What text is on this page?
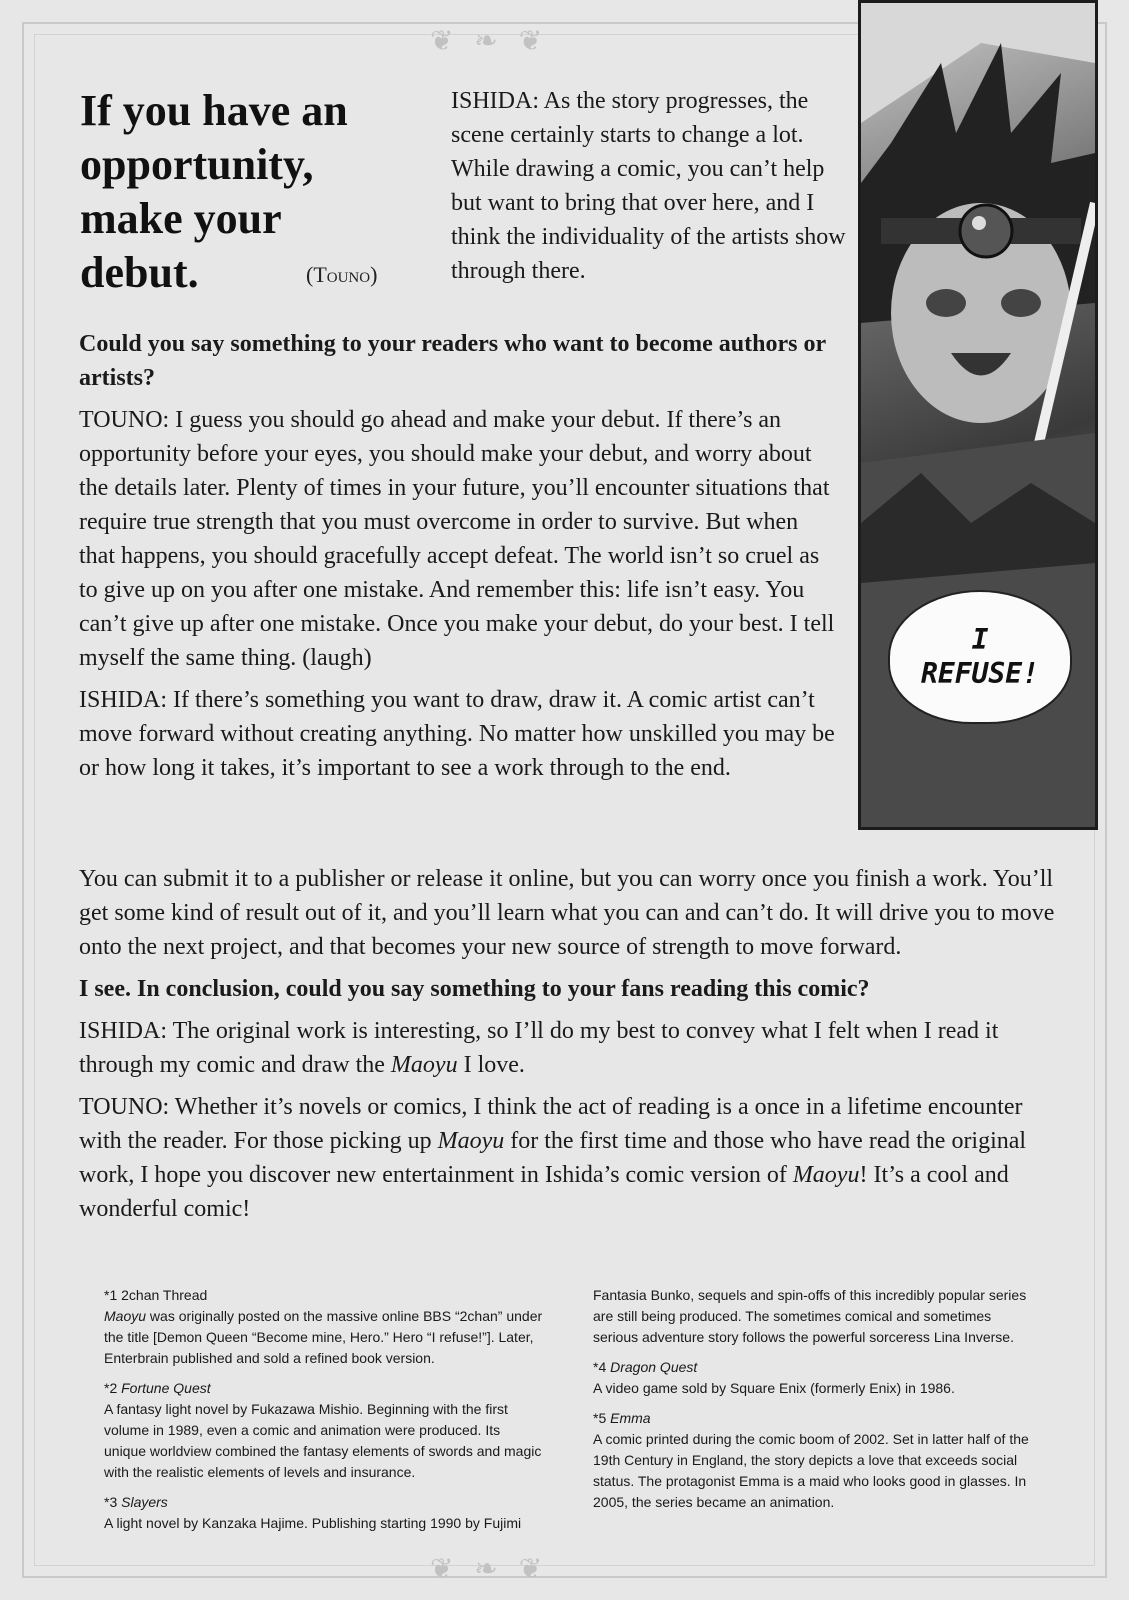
❦ ❧ ❦
❦ ❧ ❦
If you have an opportunity, make your debut.	(Touno)
ISHIDA: As the story progresses, the scene certainly starts to change a lot. While drawing a comic, you can’t help but want to bring that over here, and I think the individuality of the artists show through there.

Could you say something to your readers who want to become authors or artists?

TOUNO: I guess you should go ahead and make your debut. If there’s an opportunity before your eyes, you should make your debut, and worry about the details later. Plenty of times in your future, you’ll encounter situations that require true strength that you must overcome in order to survive. But when that happens, you should gracefully accept defeat. The world isn’t so cruel as to give up on you after one mistake. And remember this: life isn’t easy. You can’t give up after one mistake. Once you make your debut, do your best. I tell myself the same thing. (laugh)

ISHIDA: If there’s something you want to draw, draw it. A comic artist can’t move forward without creating anything. No matter how unskilled you may be or how long it takes, it’s important to see a work through to the end.

You can submit it to a publisher or release it online, but you can worry once you finish a work. You’ll get some kind of result out of it, and you’ll learn what you can and can’t do. It will drive you to move onto the next project, and that becomes your new source of strength to move forward.

I see. In conclusion, could you say something to your fans reading this comic?

ISHIDA: The original work is interesting, so I’ll do my best to convey what I felt when I read it through my comic and draw the Maoyu I love.

TOUNO: Whether it’s novels or comics, I think the act of reading is a once in a lifetime encounter with the reader. For those picking up Maoyu for the first time and those who have read the original work, I hope you discover new entertainment in Ishida’s comic version of Maoyu! It’s a cool and wonderful comic!

I
REFUSE!
*1 2chan Thread
Maoyu was originally posted on the massive online BBS “2chan” under the title [Demon Queen “Become mine, Hero.” Hero “I refuse!”]. Later, Enterbrain published and sold a refined book version.
*2 Fortune Quest
A fantasy light novel by Fukazawa Mishio. Beginning with the first volume in 1989, even a comic and animation were produced. Its unique worldview combined the fantasy elements of swords and magic with the realistic elements of levels and insurance.
*3 Slayers
A light novel by Kanzaka Hajime. Publishing starting 1990 by Fujimi
Fantasia Bunko, sequels and spin-offs of this incredibly popular series are still being produced. The sometimes comical and sometimes serious adventure story follows the powerful sorceress Lina Inverse.
*4 Dragon Quest
A video game sold by Square Enix (formerly Enix) in 1986.
*5 Emma
A comic printed during the comic boom of 2002. Set in latter half of the 19th Century in England, the story depicts a love that exceeds social status. The protagonist Emma is a maid who looks good in glasses. In 2005, the series became an animation.
